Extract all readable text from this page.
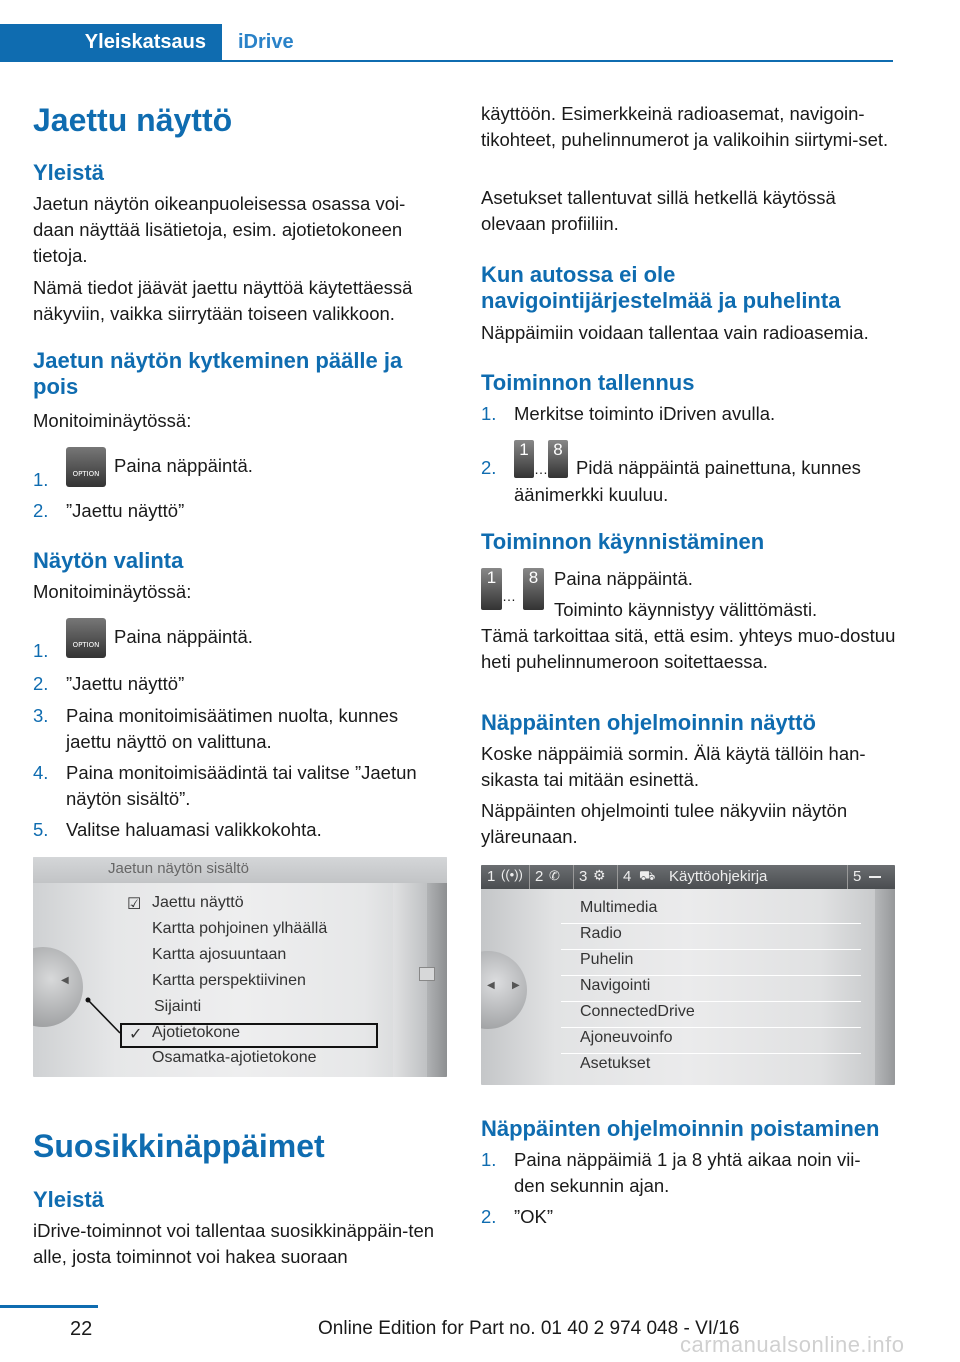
Yleiskatsaus	iDrive
Jaettu näyttö
Yleistä

Jaetun näytön oikeanpuoleisessa osassa voi-daan näyttää lisätietoja, esim. ajotietokoneen tietoja.

Nämä tiedot jäävät jaettu näyttöä käytettäessä näkyviin, vaikka siirrytään toiseen valikkoon.

Jaetun näytön kytkeminen päälle ja pois

Monitoiminäytössä:

1.	OPTION Paina näppäintä.
2. ”Jaettu näyttö”
Näytön valinta

Monitoiminäytössä:

1.	OPTION Paina näppäintä.
2. ”Jaettu näyttö”
3. Paina monitoimisäätimen nuolta, kunnes jaettu näyttö on valittuna.
4. Paina monitoimisäädintä tai valitse ”Jaetun näytön sisältö”.
5. Valitse haluamasi valikkokohta.
Jaetun näytön sisältö
◀
☑ Jaettu näyttö
Kartta pohjoinen ylhäällä
Kartta ajosuuntaan
Kartta perspektiivinen
Sijainti
✓ Ajotietokone
Osamatka-ajotietokone
Suosikkinäppäimet
Yleistä

iDrive-toiminnot voi tallentaa suosikkinäppäin-ten alle, josta toiminnot voi hakea suoraan

käyttöön. Esimerkkeinä radioasemat, navigoin-tikohteet, puhelinnumerot ja valikoihin siirtymi-set.

Asetukset tallentuvat sillä hetkellä käytössä olevaan profiiliin.

Kun autossa ei ole navigointijärjestelmää ja puhelinta

Näppäimiin voidaan tallentaa vain radioasemia.

Toiminnon tallennus
1. Merkitse toiminto iDriven avulla.
2.
1…8Pidä näppäintä painettuna, kunnes äänimerkki kuuluu.
Toiminnon käynnistäminen
1
…
8 Paina näppäintä.

Toiminto käynnistyy välittömästi.

Tämä tarkoittaa sitä, että esim. yhteys muo-dostuu heti puhelinnumeroon soitettaessa.

Näppäinten ohjelmoinnin näyttö

Koske näppäimiä sormin. Älä käytä tällöin han-sikasta tai mitään esinettä.

Näppäinten ohjelmointi tulee näkyviin näytön yläreunaan.

1 ((•)) 2 ✆ 3 ⚙ 4 ⛟ Käyttöohjekirja	5
◀ ▶
Multimedia
Radio
Puhelin
Navigointi
ConnectedDrive
Ajoneuvoinfo
Asetukset
Näppäinten ohjelmoinnin poistaminen
1. Paina näppäimiä 1 ja 8 yhtä aikaa noin vii-den sekunnin ajan.
2. ”OK”
22	Online Edition for Part no. 01 40 2 974 048 - VI/16
carmanualsonline.info
